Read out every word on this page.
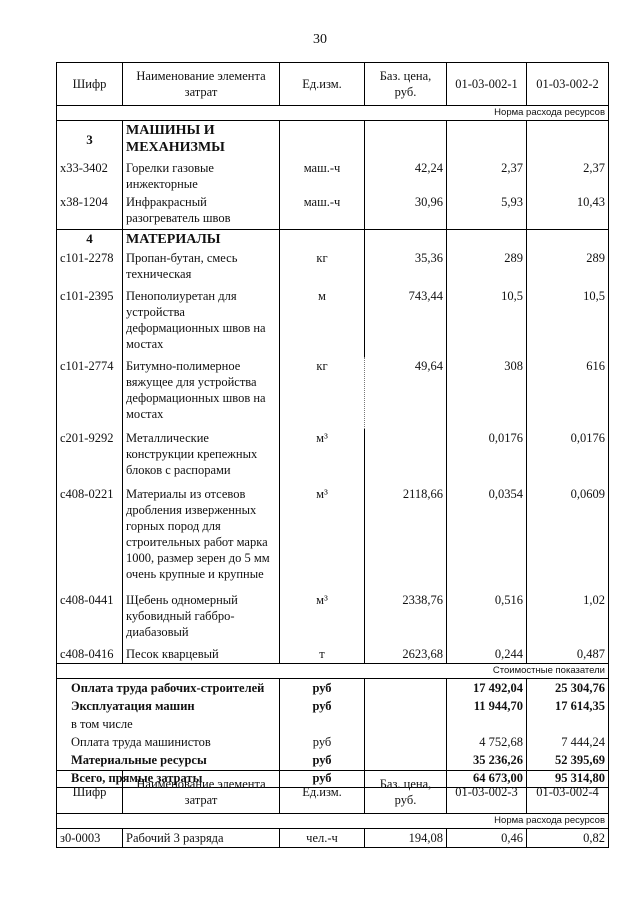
30
Шифр	Наименование элемента затрат	Ед.изм.	Баз. цена, руб.	01-03-002-1	01-03-002-2
Норма расхода ресурсов					
3	МАШИНЫ И МЕХАНИЗМЫ				
х33-3402	Горелки газовые инжекторные	маш.-ч	42,24	2,37	2,37
х38-1204	Инфракрасный разогреватель швов	маш.-ч	30,96	5,93	10,43
4	МАТЕРИАЛЫ				
с101-2278	Пропан-бутан, смесь техническая	кг	35,36	289	289
с101-2395	Пенополиуретан для устройства деформационных швов на мостах	м	743,44	10,5	10,5
с101-2774	Битумно-полимерное вяжущее для устройства деформационных швов на мостах	кг	49,64	308	616
с201-9292	Металлические конструкции крепежных блоков с распорами	м³		0,0176	0,0176
с408-0221	Материалы из отсевов дробления изверженных горных пород для строительных работ марка 1000, размер зерен до 5 мм очень крупные и крупные	м³	2118,66	0,0354	0,0609
с408-0441	Щебень одномерный кубовидный габбро-диабазовый	м³	2338,76	0,516	1,02
с408-0416	Песок кварцевый	т	2623,68	0,244	0,487
Стоимостные показатели					
Оплата труда рабочих-строителей		руб		17 492,04	25 304,76
Эксплуатация машин		руб		11 944,70	17 614,35
в том числе					
Оплата труда машинистов		руб		4 752,68	7 444,24
Материальные ресурсы		руб		35 236,26	52 395,69
Всего, прямые затраты		руб		64 673,00	95 314,80
Шифр	Наименование элемента затрат	Ед.изм.	Баз. цена, руб.	01-03-002-3	01-03-002-4
Норма расхода ресурсов					
з0-0003	Рабочий 3 разряда	чел.-ч	194,08	0,46	0,82
